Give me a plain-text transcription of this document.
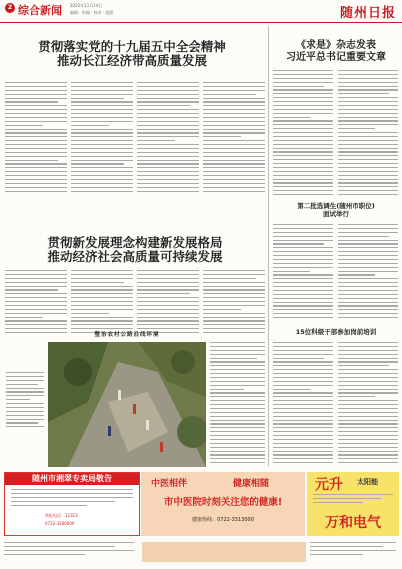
2 综合新闻 2022年11月14日
编辑 · 审稿 · 校对 · 组版	随州日报
贯彻落实党的十九届五中全会精神
推动长江经济带高质量发展
《求是》杂志发表
习近平总书记重要文章
第二批选调生(随州市职位)
面试举行
贯彻新发展理念构建新发展格局
推动经济社会高质量可持续发展
15位科级干部参加岗前培训
整治农村公路沿线环境
随州市湘翠专卖局敬告
举报电话：12313
0722-3200000
中医相伴	健康相随
市中医院时刻关注您的健康!
健康热线：0722-3313000
元升 太阳能
万和电气
